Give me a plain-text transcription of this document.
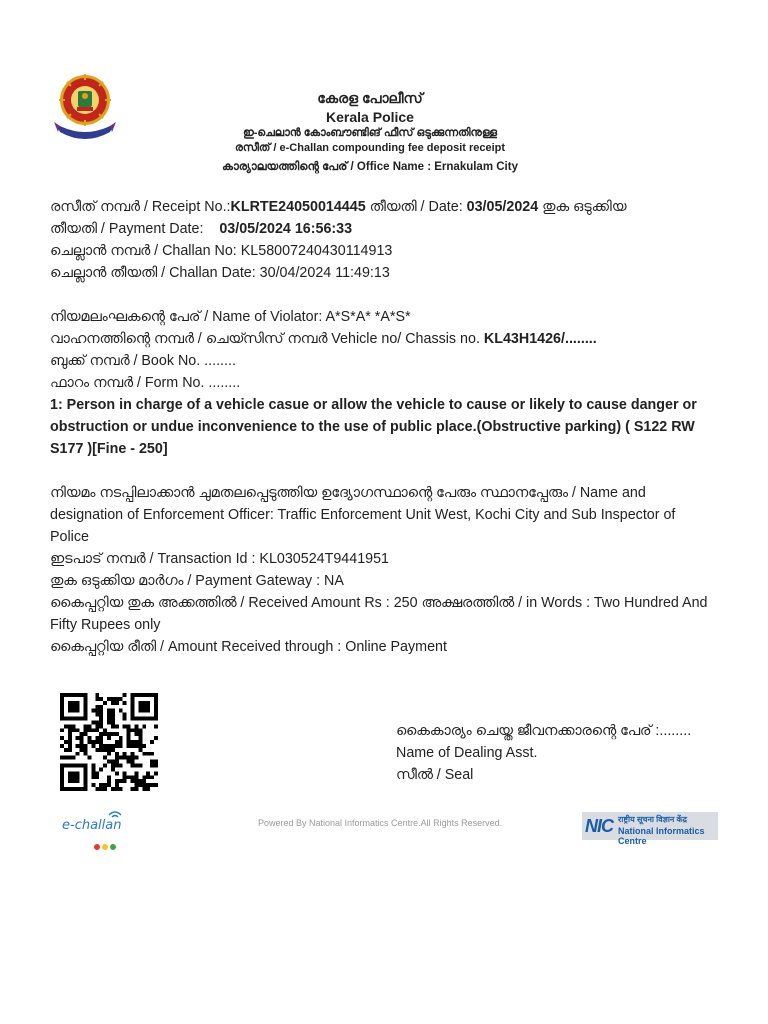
കേരള പോലീസ്
Kerala Police
ഇ-ചെലാൻ കോംബൗണ്ടിങ് ഫീസ് ഒടുക്കുന്നതിനുള്ള
രസീത് / e-Challan compounding fee deposit receipt
കാര്യാലയത്തിന്റെ പേര് / Office Name : Ernakulam City
രസീത് നമ്പർ / Receipt No.:KLRTE24050014445 തീയതി / Date: 03/05/2024 തുക ഒടുക്കിയ
തീയതി / Payment Date:    03/05/2024 16:56:33
ചെല്ലാൻ നമ്പർ / Challan No: KL58007240430114913
ചെല്ലാൻ തീയതി / Challan Date: 30/04/2024 11:49:13
നിയമലംഘകന്റെ പേര് / Name of Violator: A*S*A* *A*S*
വാഹനത്തിന്റെ നമ്പർ / ചെയ്സിസ് നമ്പർ Vehicle no/ Chassis no. KL43H1426/........
ബുക്ക് നമ്പർ / Book No. ........
ഫാറം നമ്പർ / Form No. ........
1: Person in charge of a vehicle casue or allow the vehicle to cause or likely to cause danger or obstruction or undue inconvenience to the use of public place.(Obstructive parking) ( S122 RW S177 )[Fine - 250]
നിയമം നടപ്പിലാക്കാൻ ചുമതലപ്പെടുത്തിയ ഉദ്യോഗസ്ഥാന്റെ പേരും സ്ഥാനപ്പേരും / Name and designation of Enforcement Officer: Traffic Enforcement Unit West, Kochi City and Sub Inspector of Police
ഇടപാട് നമ്പർ / Transaction Id : KL030524T9441951
തുക ഒടുക്കിയ മാർഗം / Payment Gateway : NA
കൈപ്പറ്റിയ തുക അക്കത്തിൽ / Received Amount Rs : 250 അക്ഷരത്തിൽ / in Words : Two Hundred And Fifty Rupees only
കൈപ്പറ്റിയ രീതി / Amount Received through : Online Payment
കൈകാര്യം ചെയ്ത ജീവനക്കാരന്റെ പേര് :........
Name of Dealing Asst.
സീൽ / Seal
e-challan	Powered By National Informatics Centre.All Rights Reserved.	NIC राष्ट्रीय सूचना विज्ञान केंद्र
National Informatics Centre
